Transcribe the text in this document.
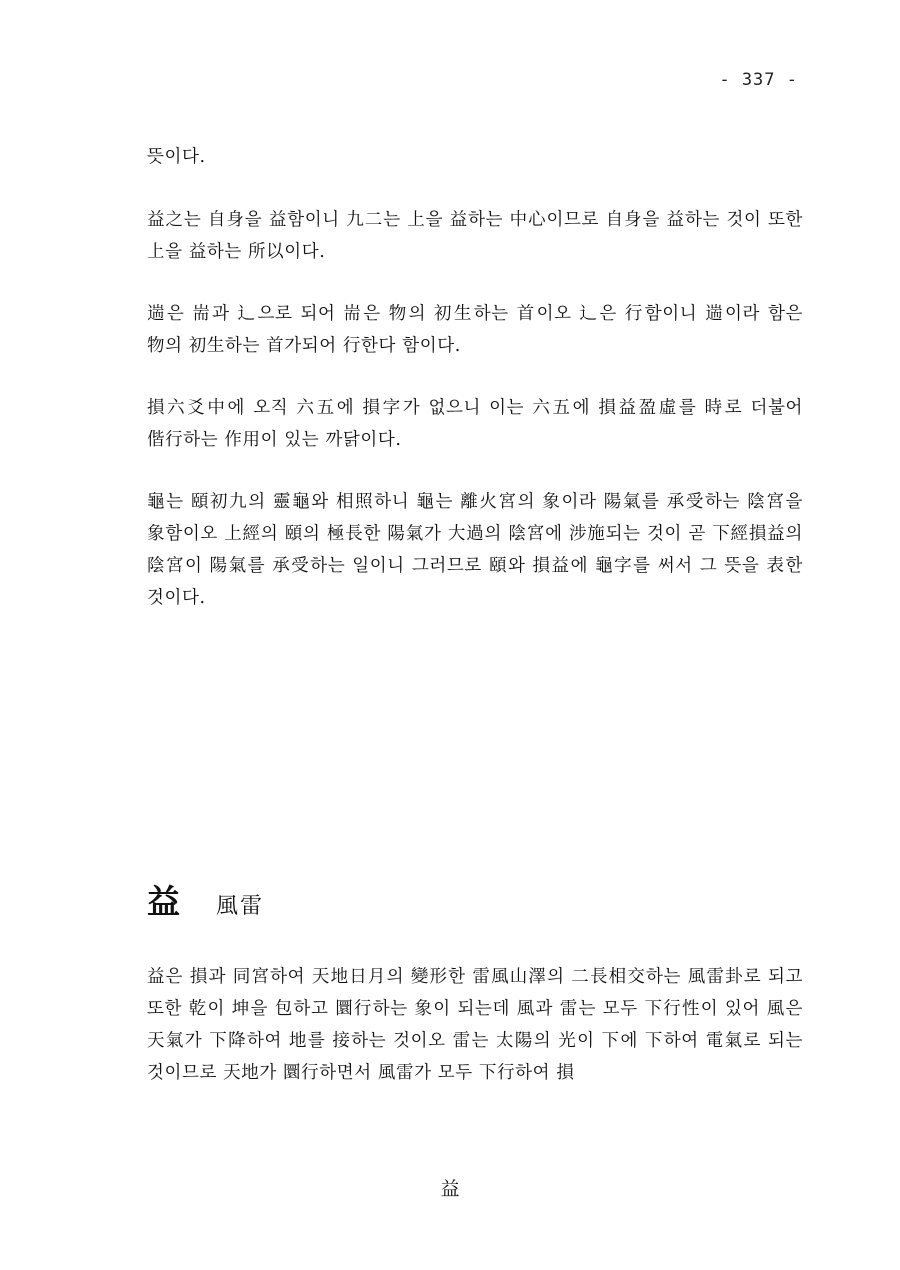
- 337 -

뜻이다.

益之는 自身을 益함이니 九二는 上을 益하는 中心이므로 自身을 益하는 것이 또한 上을 益하는 所以이다.

遄은 耑과 辶으로 되어 耑은 物의 初生하는 首이오 辶은 行함이니 遄이라 함은 物의 初生하는 首가되어 行한다 함이다.

損六爻中에 오직 六五에 損字가 없으니 이는 六五에 損益盈虛를 時로 더불어 偕行하는 作用이 있는 까닭이다.

龜는 頤初九의 靈龜와 相照하니 龜는 離火宮의 象이라 陽氣를 承受하는 陰宮을 象함이오 上經의 頤의 極長한 陽氣가 大過의 陰宮에 涉施되는 것이 곧 下經損益의 陰宮이 陽氣를 承受하는 일이니 그러므로 頤와 損益에 龜字를 써서 그 뜻을 表한 것이다.

益 風雷

益은 損과 同宮하여 天地日月의 變形한 雷風山澤의 二長相交하는 風雷卦로 되고 또한 乾이 坤을 包하고 圜行하는 象이 되는데 風과 雷는 모두 下行性이 있어 風은 天氣가 下降하여 地를 接하는 것이오 雷는 太陽의 光이 下에 下하여 電氣로 되는 것이므로 天地가 圜行하면서 風雷가 모두 下行하여 損

益
